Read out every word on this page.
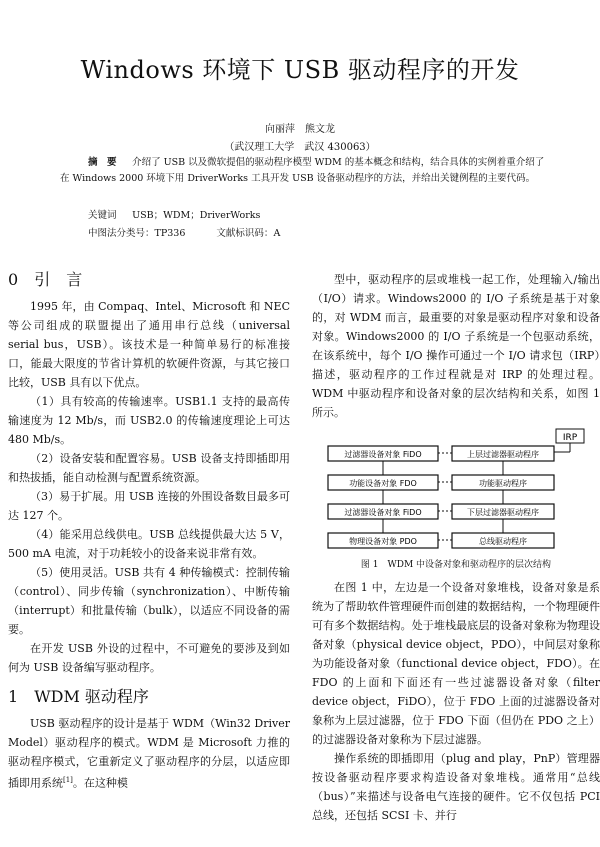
Windows 环境下 USB 驱动程序的开发
向丽萍　熊文龙
（武汉理工大学　武汉 430063）
摘　要 　 介绍了 USB 以及微软提倡的驱动程序模型 WDM 的基本概念和结构，结合具体的实例着重介绍了在 Windows 2000 环境下用 DriverWorks 工具开发 USB 设备驱动程序的方法，并给出关键例程的主要代码。
关键词 　 USB；WDM；DriverWorks
中图法分类号：TP336	文献标识码：A
0 引　言

1995 年，由 Compaq、Intel、Microsoft 和 NEC 等公司组成的联盟提出了通用串行总线（universal serial bus，USB）。该技术是一种简单易行的标准接口，能最大限度的节省计算机的软硬件资源，与其它接口比较，USB 具有以下优点。

（1）具有较高的传输速率。USB1.1 支持的最高传输速度为 12 Mb/s，而 USB2.0 的传输速度理论上可达 480 Mb/s。

（2）设备安装和配置容易。USB 设备支持即插即用和热拔插，能自动检测与配置系统资源。

（3）易于扩展。用 USB 连接的外围设备数目最多可达 127 个。

（4）能采用总线供电。USB 总线提供最大达 5 V，500 mA 电流，对于功耗较小的设备来说非常有效。

（5）使用灵活。USB 共有 4 种传输模式：控制传输（control）、同步传输（synchronization）、中断传输（interrupt）和批量传输（bulk），以适应不同设备的需要。

在开发 USB 外设的过程中，不可避免的要涉及到如何为 USB 设备编写驱动程序。

1 WDM 驱动程序

USB 驱动程序的设计是基于 WDM（Win32 Driver Model）驱动程序的模式。WDM 是 Microsoft 力推的驱动程序模式，它重新定义了驱动程序的分层，以适应即插即用系统[1]。在这种模

型中，驱动程序的层或堆栈一起工作，处理输入/输出（I/O）请求。Windows2000 的 I/O 子系统是基于对象的，对 WDM 而言，最重要的对象是驱动程序对象和设备对象。Windows2000 的 I/O 子系统是一个包驱动系统，在该系统中，每个 I/O 操作可通过一个 I/O 请求包（IRP）描述，驱动程序的工作过程就是对 IRP 的处理过程。WDM 中驱动程序和设备对象的层次结构和关系，如图 1 所示。

IRP
过滤器设备对象 FiDO
功能设备对象 FDO
过滤器设备对象 FiDO
物理设备对象 PDO
上层过滤器驱动程序
功能驱动程序
下层过滤器驱动程序
总线驱动程序
图 1　WDM 中设备对象和驱动程序的层次结构

在图 1 中，左边是一个设备对象堆栈，设备对象是系统为了帮助软件管理硬件而创建的数据结构，一个物理硬件可有多个数据结构。处于堆栈最底层的设备对象称为物理设备对象（physical device object，PDO），中间层对象称为功能设备对象（functional device object，FDO）。在 FDO 的上面和下面还有一些过滤器设备对象（filter device object，FiDO），位于 FDO 上面的过滤器设备对象称为上层过滤器，位于 FDO 下面（但仍在 PDO 之上）的过滤器设备对象称为下层过滤器。

操作系统的即插即用（plug and play，PnP）管理器按设备驱动程序要求构造设备对象堆栈。通常用“总线（bus）”来描述与设备电气连接的硬件。它不仅包括 PCI 总线，还包括 SCSI 卡、并行
